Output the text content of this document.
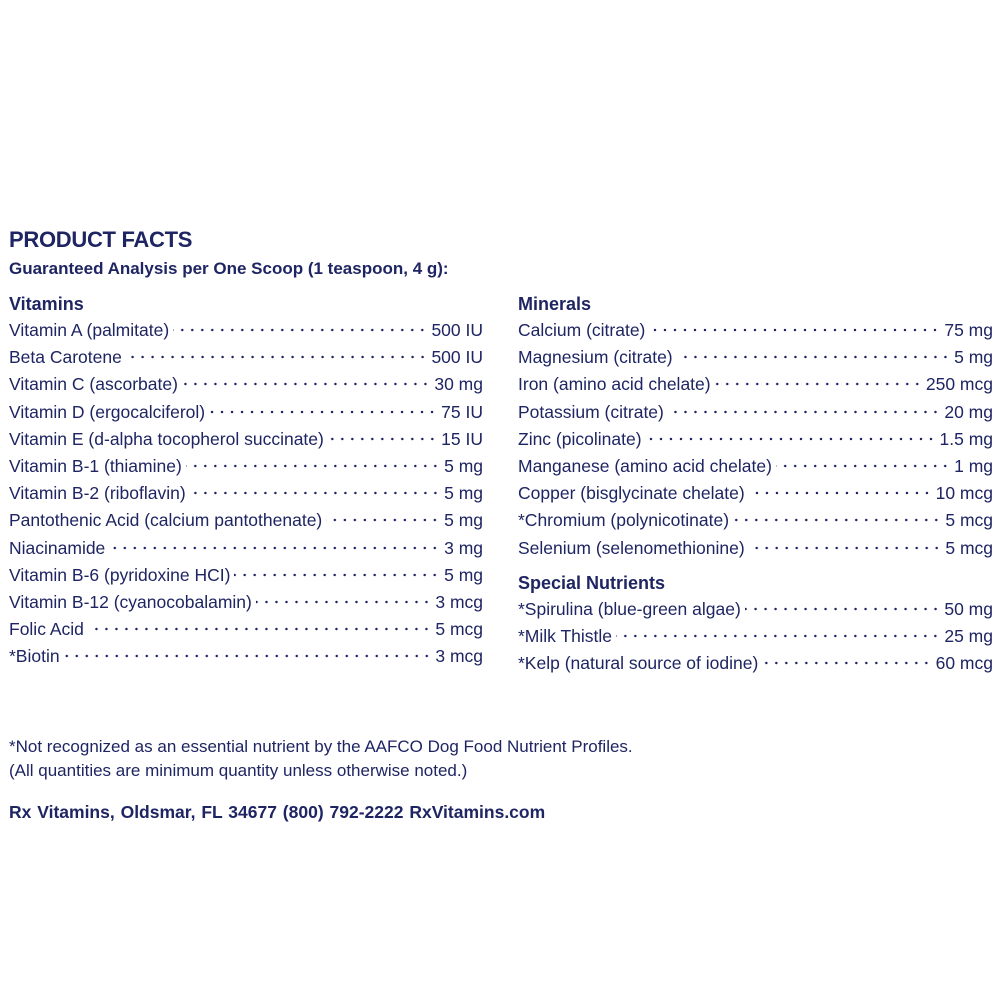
PRODUCT FACTS
Guaranteed Analysis per One Scoop (1 teaspoon, 4 g):
Vitamins
Vitamin A (palmitate)	500 IU
Beta Carotene	500 IU
Vitamin C (ascorbate)	30 mg
Vitamin D (ergocalciferol)	75 IU
Vitamin E (d-alpha tocopherol succinate)	15 IU
Vitamin B-1 (thiamine)	5 mg
Vitamin B-2 (riboflavin)	5 mg
Pantothenic Acid (calcium pantothenate)	5 mg
Niacinamide	3 mg
Vitamin B-6 (pyridoxine HCI)	5 mg
Vitamin B-12 (cyanocobalamin)	3 mcg
Folic Acid	5 mcg
*Biotin	3 mcg
Minerals
Calcium (citrate)	75 mg
Magnesium (citrate)	5 mg
Iron (amino acid chelate)	250 mcg
Potassium (citrate)	20 mg
Zinc (picolinate)	1.5 mg
Manganese (amino acid chelate)	1 mg
Copper (bisglycinate chelate)	10 mcg
*Chromium (polynicotinate)	5 mcg
Selenium (selenomethionine)	5 mcg
Special Nutrients
*Spirulina (blue-green algae)	50 mg
*Milk Thistle	25 mg
*Kelp (natural source of iodine)	60 mcg
*Not recognized as an essential nutrient by the AAFCO Dog Food Nutrient Profiles.
(All quantities are minimum quantity unless otherwise noted.)
Rx Vitamins, Oldsmar, FL 34677 (800) 792-2222 RxVitamins.com
